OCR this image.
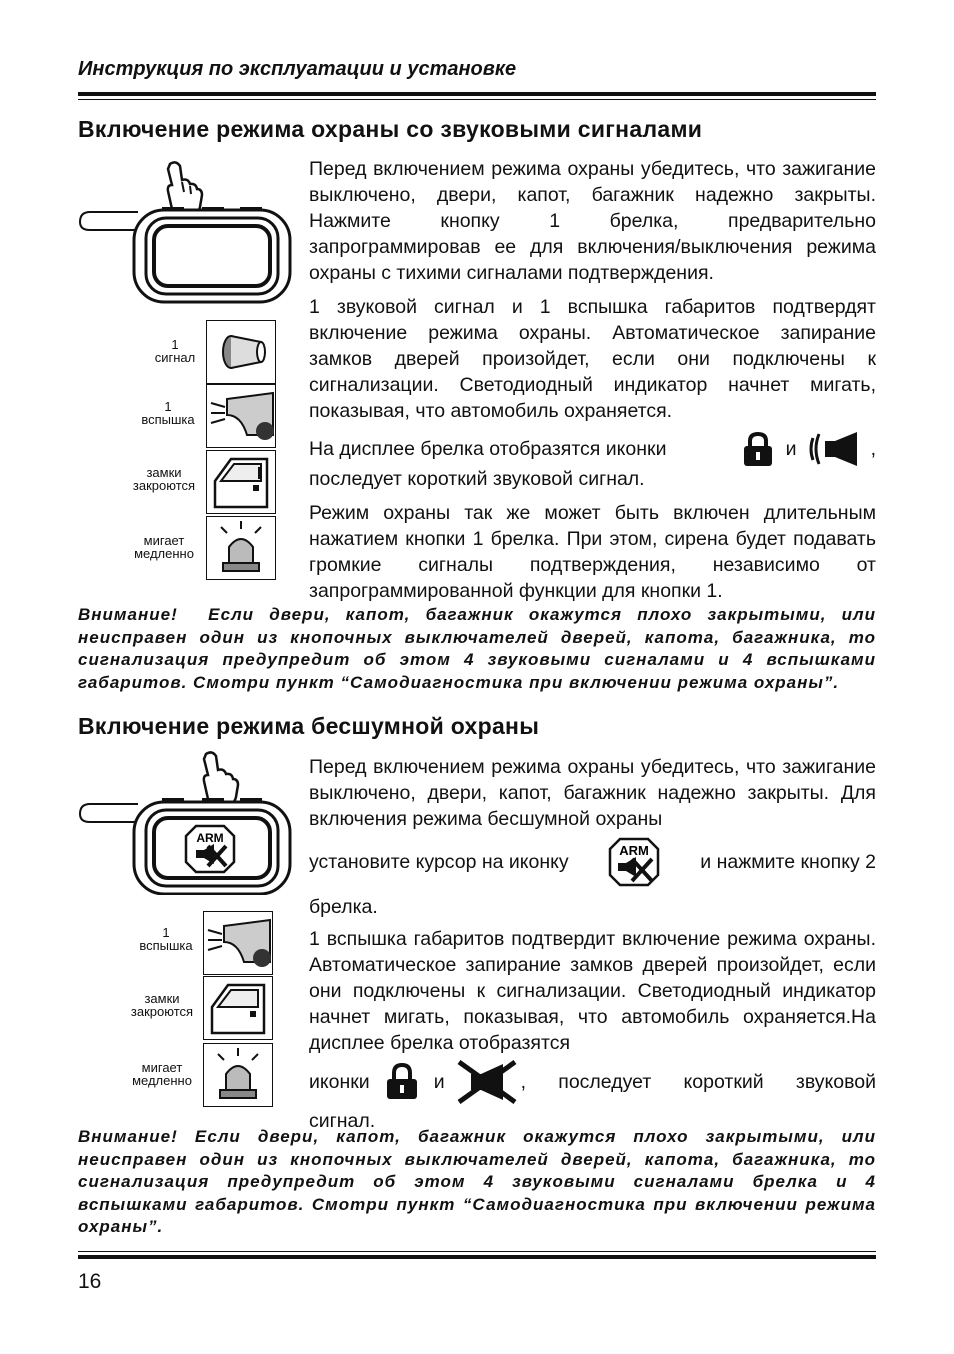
Инструкция по эксплуатации и установке
Включение режима охраны со звуковыми сигналами
1
сигнал
1
вспышка
замки
закроются
мигает
медленно

Перед включением режима охраны убедитесь, что зажигание выключено, двери, капот, багажник надежно закрыты. Нажмите кнопку 1 брелка, предварительно запрограммировав ее для включения/выключения режима охраны с тихими сигналами подтверждения.

1 звуковой сигнал и 1 вспышка габаритов подтвердят включение режима охраны. Автоматическое запирание замков дверей произойдет, если они подключены к сигнализации. Светодиодный индикатор начнет мигать, показывая, что автомобиль охраняется.

На дисплее брелка отобразятся иконки	и	,

последует короткий звуковой сигнал.

Режим охраны так же может быть включен длительным нажатием кнопки 1 брелка. При этом, сирена будет подавать громкие сигналы подтверждения, независимо от запрограммированной функции для кнопки 1.

Внимание! Если двери, капот, багажник окажутся плохо закрытыми, или неисправен один из кнопочных выключателей дверей, капота, багажника, то сигнализация предупредит об этом 4 звуковыми сигналами и 4 вспышками габаритов. Смотри пункт “Самодиагностика при включении режима охраны”.

Включение режима бесшумной охраны
ARM
1
вспышка
замки
закроются
мигает
медленно

Перед включением режима охраны убедитесь, что зажигание выключено, двери, капот, багажник надежно закрыты. Для включения режима бесшумной охраны

установите курсор на иконку
ARM
и нажмите кнопку 2

брелка.

1 вспышка габаритов подтвердит включение режима охраны. Автоматическое запирание замков дверей произойдет, если они подключены к сигнализации. Светодиодный индикатор начнет мигать, показывая, что автомобиль охраняется.На дисплее брелка отобразятся

иконки	и	, последует короткий звуковой

сигнал.

Внимание! Если двери, капот, багажник окажутся плохо закрытыми, или неисправен один из кнопочных выключателей дверей, капота, багажника, то сигнализация предупредит об этом 4 звуковыми сигналами брелка и 4 вспышками габаритов. Смотри пункт “Самодиагностика при включении режима охраны”.

16
